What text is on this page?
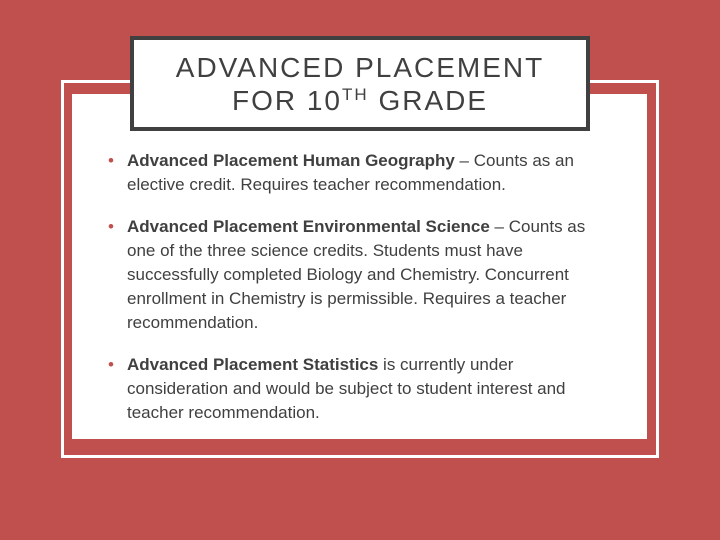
ADVANCED PLACEMENT
FOR 10TH GRADE
• Advanced Placement Human Geography – Counts as an elective credit. Requires teacher recommendation.
• Advanced Placement Environmental Science – Counts as one of the three science credits. Students must have successfully completed Biology and Chemistry. Concurrent enrollment in Chemistry is permissible. Requires a teacher recommendation.
• Advanced Placement Statistics is currently under consideration and would be subject to student interest and teacher recommendation.
